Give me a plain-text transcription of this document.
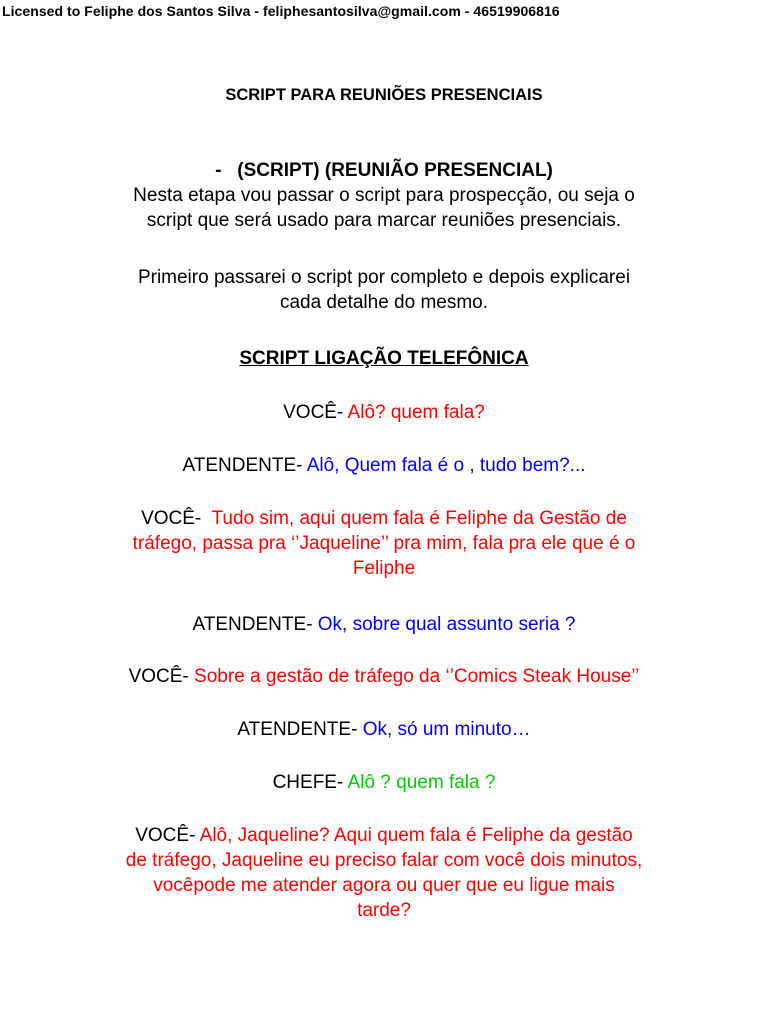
Licensed to Feliphe dos Santos Silva - feliphesantosilva@gmail.com - 46519906816
SCRIPT PARA REUNIÕES PRESENCIAIS
-   (SCRIPT) (REUNIÃO PRESENCIAL)
Nesta etapa vou passar o script para prospecção, ou seja o
script que será usado para marcar reuniões presenciais.
Primeiro passarei o script por completo e depois explicarei
cada detalhe do mesmo.
SCRIPT LIGAÇÃO TELEFÔNICA
VOCÊ- Alô? quem fala?
ATENDENTE- Alô, Quem fala é o , tudo bem?...
VOCÊ- Tudo sim, aqui quem fala é Feliphe da Gestão de
tráfego, passa pra ‘’Jaqueline’’ pra mim, fala pra ele que é o
Feliphe
ATENDENTE- Ok, sobre qual assunto seria ?
VOCÊ- Sobre a gestão de tráfego da ‘’Comics Steak House’’
ATENDENTE- Ok, só um minuto…
CHEFE- Alô ? quem fala ?
VOCÊ- Alô, Jaqueline? Aqui quem fala é Feliphe da gestão
de tráfego, Jaqueline eu preciso falar com você dois minutos,
vocêpode me atender agora ou quer que eu ligue mais
tarde?
